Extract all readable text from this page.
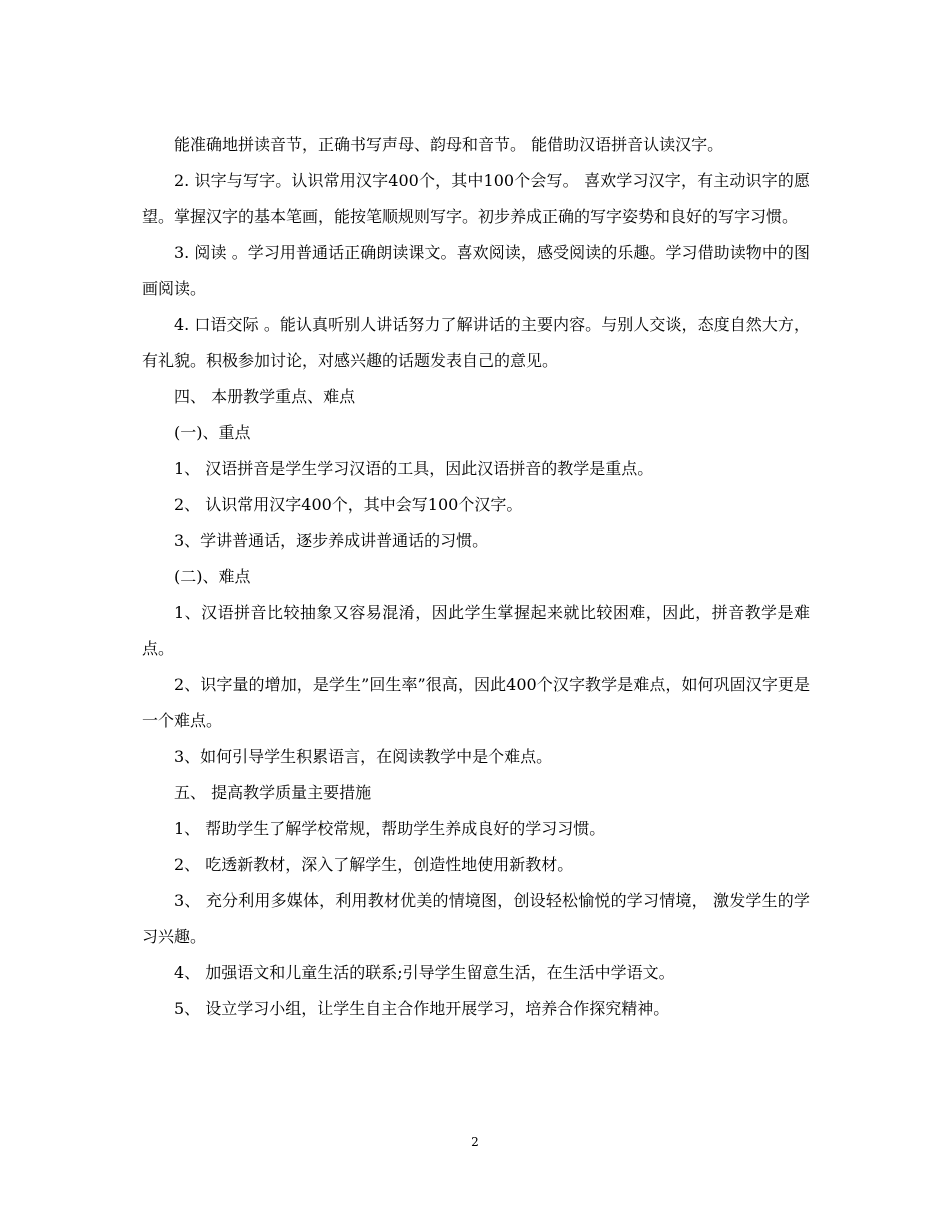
能准确地拼读音节，正确书写声母、韵母和音节。 能借助汉语拼音认读汉字。

2. 识字与写字。认识常用汉字400个，其中100个会写。 喜欢学习汉字，有主动识字的愿望。掌握汉字的基本笔画，能按笔顺规则写字。初步养成正确的写字姿势和良好的写字习惯。

3. 阅读 。学习用普通话正确朗读课文。喜欢阅读，感受阅读的乐趣。学习借助读物中的图画阅读。

4. 口语交际 。能认真听别人讲话努力了解讲话的主要内容。与别人交谈，态度自然大方，有礼貌。积极参加讨论，对感兴趣的话题发表自己的意见。

四、 本册教学重点、难点

(一)、重点

1、 汉语拼音是学生学习汉语的工具，因此汉语拼音的教学是重点。

2、 认识常用汉字400个，其中会写100个汉字。

3、学讲普通话，逐步养成讲普通话的习惯。

(二)、难点

1、汉语拼音比较抽象又容易混淆，因此学生掌握起来就比较困难，因此，拼音教学是难点。

2、识字量的增加，是学生”回生率”很高，因此400个汉字教学是难点，如何巩固汉字更是一个难点。

3、如何引导学生积累语言，在阅读教学中是个难点。

五、 提高教学质量主要措施

1、 帮助学生了解学校常规，帮助学生养成良好的学习习惯。

2、 吃透新教材，深入了解学生，创造性地使用新教材。

3、 充分利用多媒体，利用教材优美的情境图，创设轻松愉悦的学习情境， 激发学生的学习兴趣。

4、 加强语文和儿童生活的联系;引导学生留意生活，在生活中学语文。

5、 设立学习小组，让学生自主合作地开展学习，培养合作探究精神。

2
